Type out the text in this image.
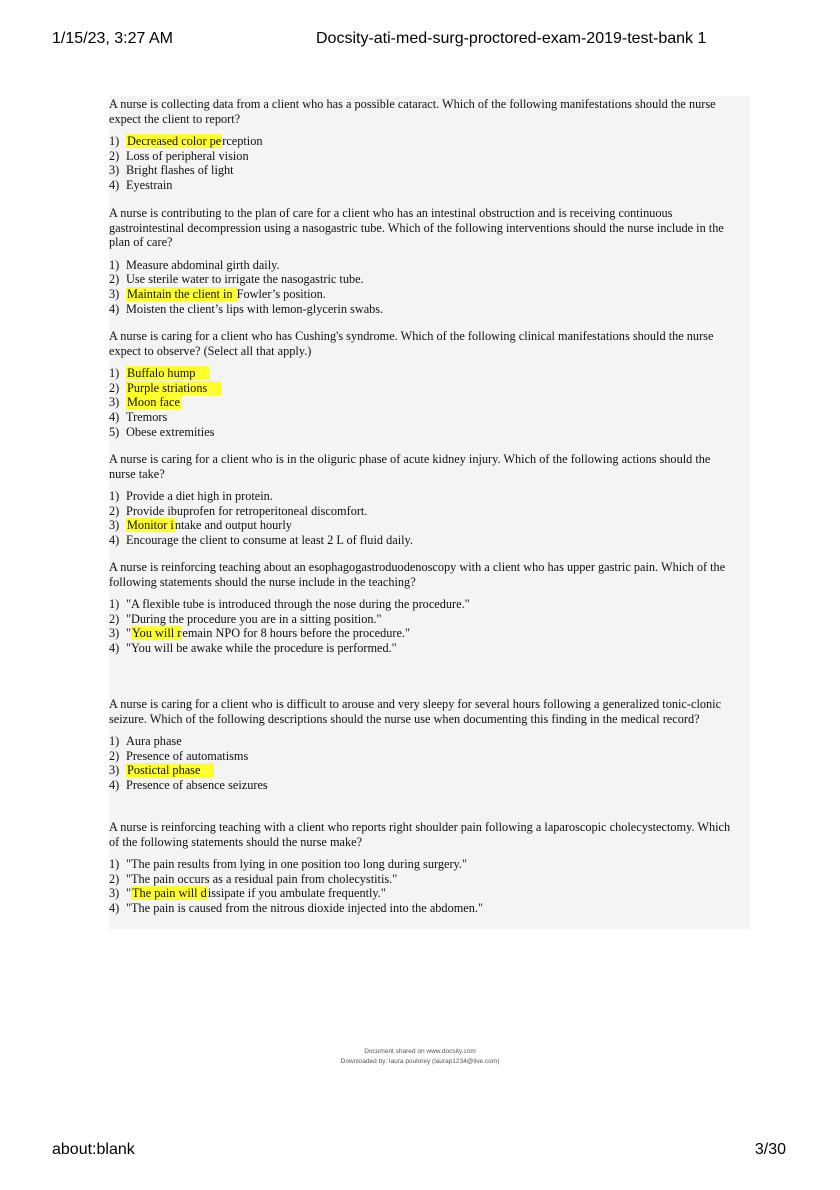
1/15/23, 3:27 AM	Docsity-ati-med-surg-proctored-exam-2019-test-bank 1

A nurse is collecting data from a client who has a possible cataract. Which of the following manifestations should the nurse expect the client to report?

1) Decreased color perception
2) Loss of peripheral vision
3) Bright flashes of light
4) Eyestrain

A nurse is contributing to the plan of care for a client who has an intestinal obstruction and is receiving continuous gastrointestinal decompression using a nasogastric tube. Which of the following interventions should the nurse include in the plan of care?

1) Measure abdominal girth daily.
2) Use sterile water to irrigate the nasogastric tube.
3) Maintain the client in Fowler’s position.
4) Moisten the client’s lips with lemon-glycerin swabs.

A nurse is caring for a client who has Cushing's syndrome. Which of the following clinical manifestations should the nurse expect to observe? (Select all that apply.)

1) Buffalo hump
2) Purple striations
3) Moon face
4) Tremors
5) Obese extremities

A nurse is caring for a client who is in the oliguric phase of acute kidney injury. Which of the following actions should the nurse take?

1) Provide a diet high in protein.
2) Provide ibuprofen for retroperitoneal discomfort.
3) Monitor intake and output hourly
4) Encourage the client to consume at least 2 L of fluid daily.

A nurse is reinforcing teaching about an esophagogastroduodenoscopy with a client who has upper gastric pain. Which of the following statements should the nurse include in the teaching?

1) "A flexible tube is introduced through the nose during the procedure."
2) "During the procedure you are in a sitting position."
3) "You will remain NPO for 8 hours before the procedure."
4) "You will be awake while the procedure is performed."

A nurse is caring for a client who is difficult to arouse and very sleepy for several hours following a generalized tonic-clonic seizure. Which of the following descriptions should the nurse use when documenting this finding in the medical record?

1) Aura phase
2) Presence of automatisms
3) Postictal phase
4) Presence of absence seizures

A nurse is reinforcing teaching with a client who reports right shoulder pain following a laparoscopic cholecystectomy. Which of the following statements should the nurse make?

1) "The pain results from lying in one position too long during surgery."
2) "The pain occurs as a residual pain from cholecystitis."
3) "The pain will dissipate if you ambulate frequently."
4) "The pain is caused from the nitrous dioxide injected into the abdomen."
Document shared on www.docsity.com
Downloaded by: laura poulorey (laurap1234@live.com)
about:blank	3/30
